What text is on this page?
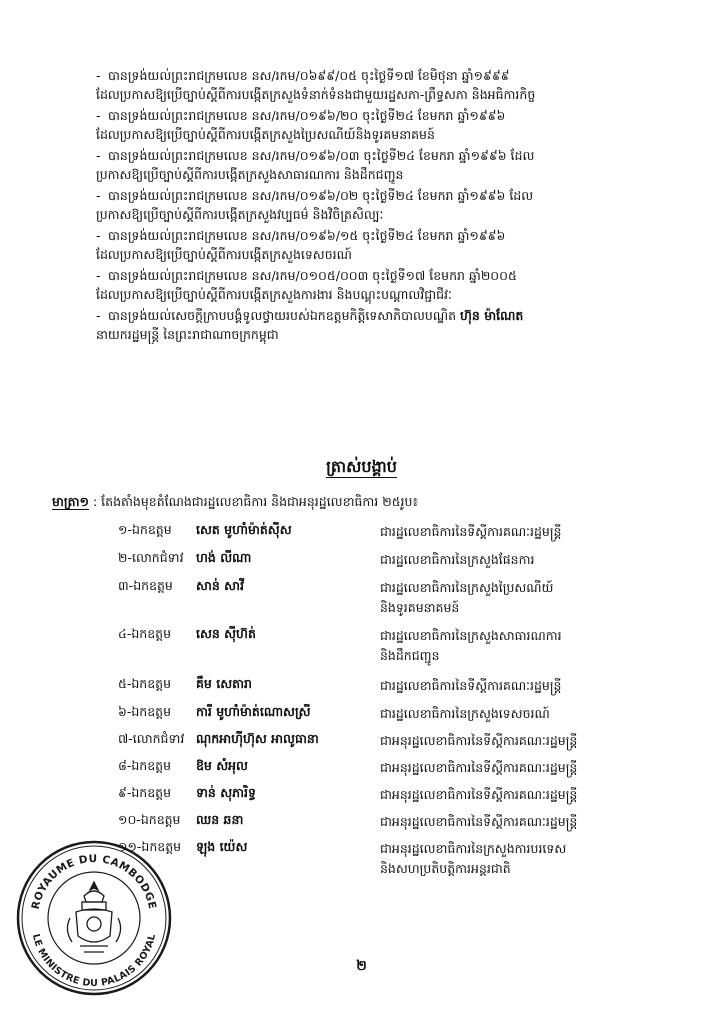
- បានទ្រង់យល់ព្រះរាជក្រមលេខ នស/រកម/០៦៩៩/០៥ ចុះថ្ងៃទី១៧ ខែមិថុនា ឆ្នាំ១៩៩៩
ដែលប្រកាសឱ្យប្រើច្បាប់ស្តីពីការបង្កើតក្រសួងទំនាក់ទំនងជាមួយរដ្ឋសភា-ព្រឹទ្ធសភា និងអធិការកិច្ច
- បានទ្រង់យល់ព្រះរាជក្រមលេខ នស/រកម/០១៩៦/២០ ចុះថ្ងៃទី២៤ ខែមករា ឆ្នាំ១៩៩៦
ដែលប្រកាសឱ្យប្រើច្បាប់ស្តីពីការបង្កើតក្រសួងប្រៃសណីយ៍និងទូរគមនាគមន៍
- បានទ្រង់យល់ព្រះរាជក្រមលេខ នស/រកម/០១៩៦/០៣ ចុះថ្ងៃទី២៤ ខែមករា ឆ្នាំ១៩៩៦ ដែល
ប្រកាសឱ្យប្រើច្បាប់ស្តីពីការបង្កើតក្រសួងសាធារណការ និងដឹកជញ្ជូន
- បានទ្រង់យល់ព្រះរាជក្រមលេខ នស/រកម/០១៩៦/០២ ចុះថ្ងៃទី២៤ ខែមករា ឆ្នាំ១៩៩៦ ដែល
ប្រកាសឱ្យប្រើច្បាប់ស្តីពីការបង្កើតក្រសួងវប្បធម៌ និងវិចិត្រសិល្បៈ
- បានទ្រង់យល់ព្រះរាជក្រមលេខ នស/រកម/០១៩៦/១៥ ចុះថ្ងៃទី២៤ ខែមករា ឆ្នាំ១៩៩៦
ដែលប្រកាសឱ្យប្រើច្បាប់ស្តីពីការបង្កើតក្រសួងទេសចរណ៍
- បានទ្រង់យល់ព្រះរាជក្រមលេខ នស/រកម/០១០៥/០០៣ ចុះថ្ងៃទី១៧ ខែមករា ឆ្នាំ២០០៥
ដែលប្រកាសឱ្យប្រើច្បាប់ស្តីពីការបង្កើតក្រសួងការងារ និងបណ្តុះបណ្តាលវិជ្ជាជីវៈ
- បានទ្រង់យល់សេចក្តីក្រាបបង្គំទូលថ្វាយរបស់ឯកឧត្តមកិត្តិទេសាភិបាលបណ្ឌិត ហ៊ុន ម៉ាណែត
នាយករដ្ឋមន្ត្រី នៃព្រះរាជាណាចក្រកម្ពុជា
ត្រាស់បង្គាប់
មាត្រា១ : តែងតាំងមុខតំណែងជារដ្ឋលេខាធិការ និងជាអនុរដ្ឋលេខាធិការ ២៥រូប៖
១-ឯកឧត្តម សេត មូហាំម៉ាត់ស៊ីស	ជារដ្ឋលេខាធិការនៃទីស្តីការគណៈរដ្ឋមន្ត្រី
២-លោកជំទាវ ហង់ លីណា	ជារដ្ឋលេខាធិការនៃក្រសួងផែនការ
៣-ឯកឧត្តម សាន់ សាវី	ជារដ្ឋលេខាធិការនៃក្រសួងប្រៃសណីយ៍
និងទូរគមនាគមន៍
៤-ឯកឧត្តម សេន ស៊ីហ៊ត់	ជារដ្ឋលេខាធិការនៃក្រសួងសាធារណការ
និងដឹកជញ្ជូន
៥-ឯកឧត្តម គឹម សេតារា	ជារដ្ឋលេខាធិការនៃទីស្តីការគណៈរដ្ឋមន្ត្រី
៦-ឯកឧត្តម ការី មូហាំម៉ាត់ណោសស្រី	ជារដ្ឋលេខាធិការនៃក្រសួងទេសចរណ៍
៧-លោកជំទាវ ណុកអាហ៊ីហ៊ុស អាលូធានា	ជាអនុរដ្ឋលេខាធិការនៃទីស្តីការគណៈរដ្ឋមន្ត្រី
៨-ឯកឧត្តម ឱម សំអុល	ជាអនុរដ្ឋលេខាធិការនៃទីស្តីការគណៈរដ្ឋមន្ត្រី
៩-ឯកឧត្តម ទាន់ សុភារិទ្ធ	ជាអនុរដ្ឋលេខាធិការនៃទីស្តីការគណៈរដ្ឋមន្ត្រី
១០-ឯកឧត្តម ឈន ឆនា	ជាអនុរដ្ឋលេខាធិការនៃទីស្តីការគណៈរដ្ឋមន្ត្រី
១១-ឯកឧត្តម ឡុង យ៉េស	ជាអនុរដ្ឋលេខាធិការនៃក្រសួងការបរទេស
និងសហប្រតិបត្តិការអន្តរជាតិ
ROYAUME DU CAMBODGE
LE MINISTRE DU PALAIS ROYAL
២
